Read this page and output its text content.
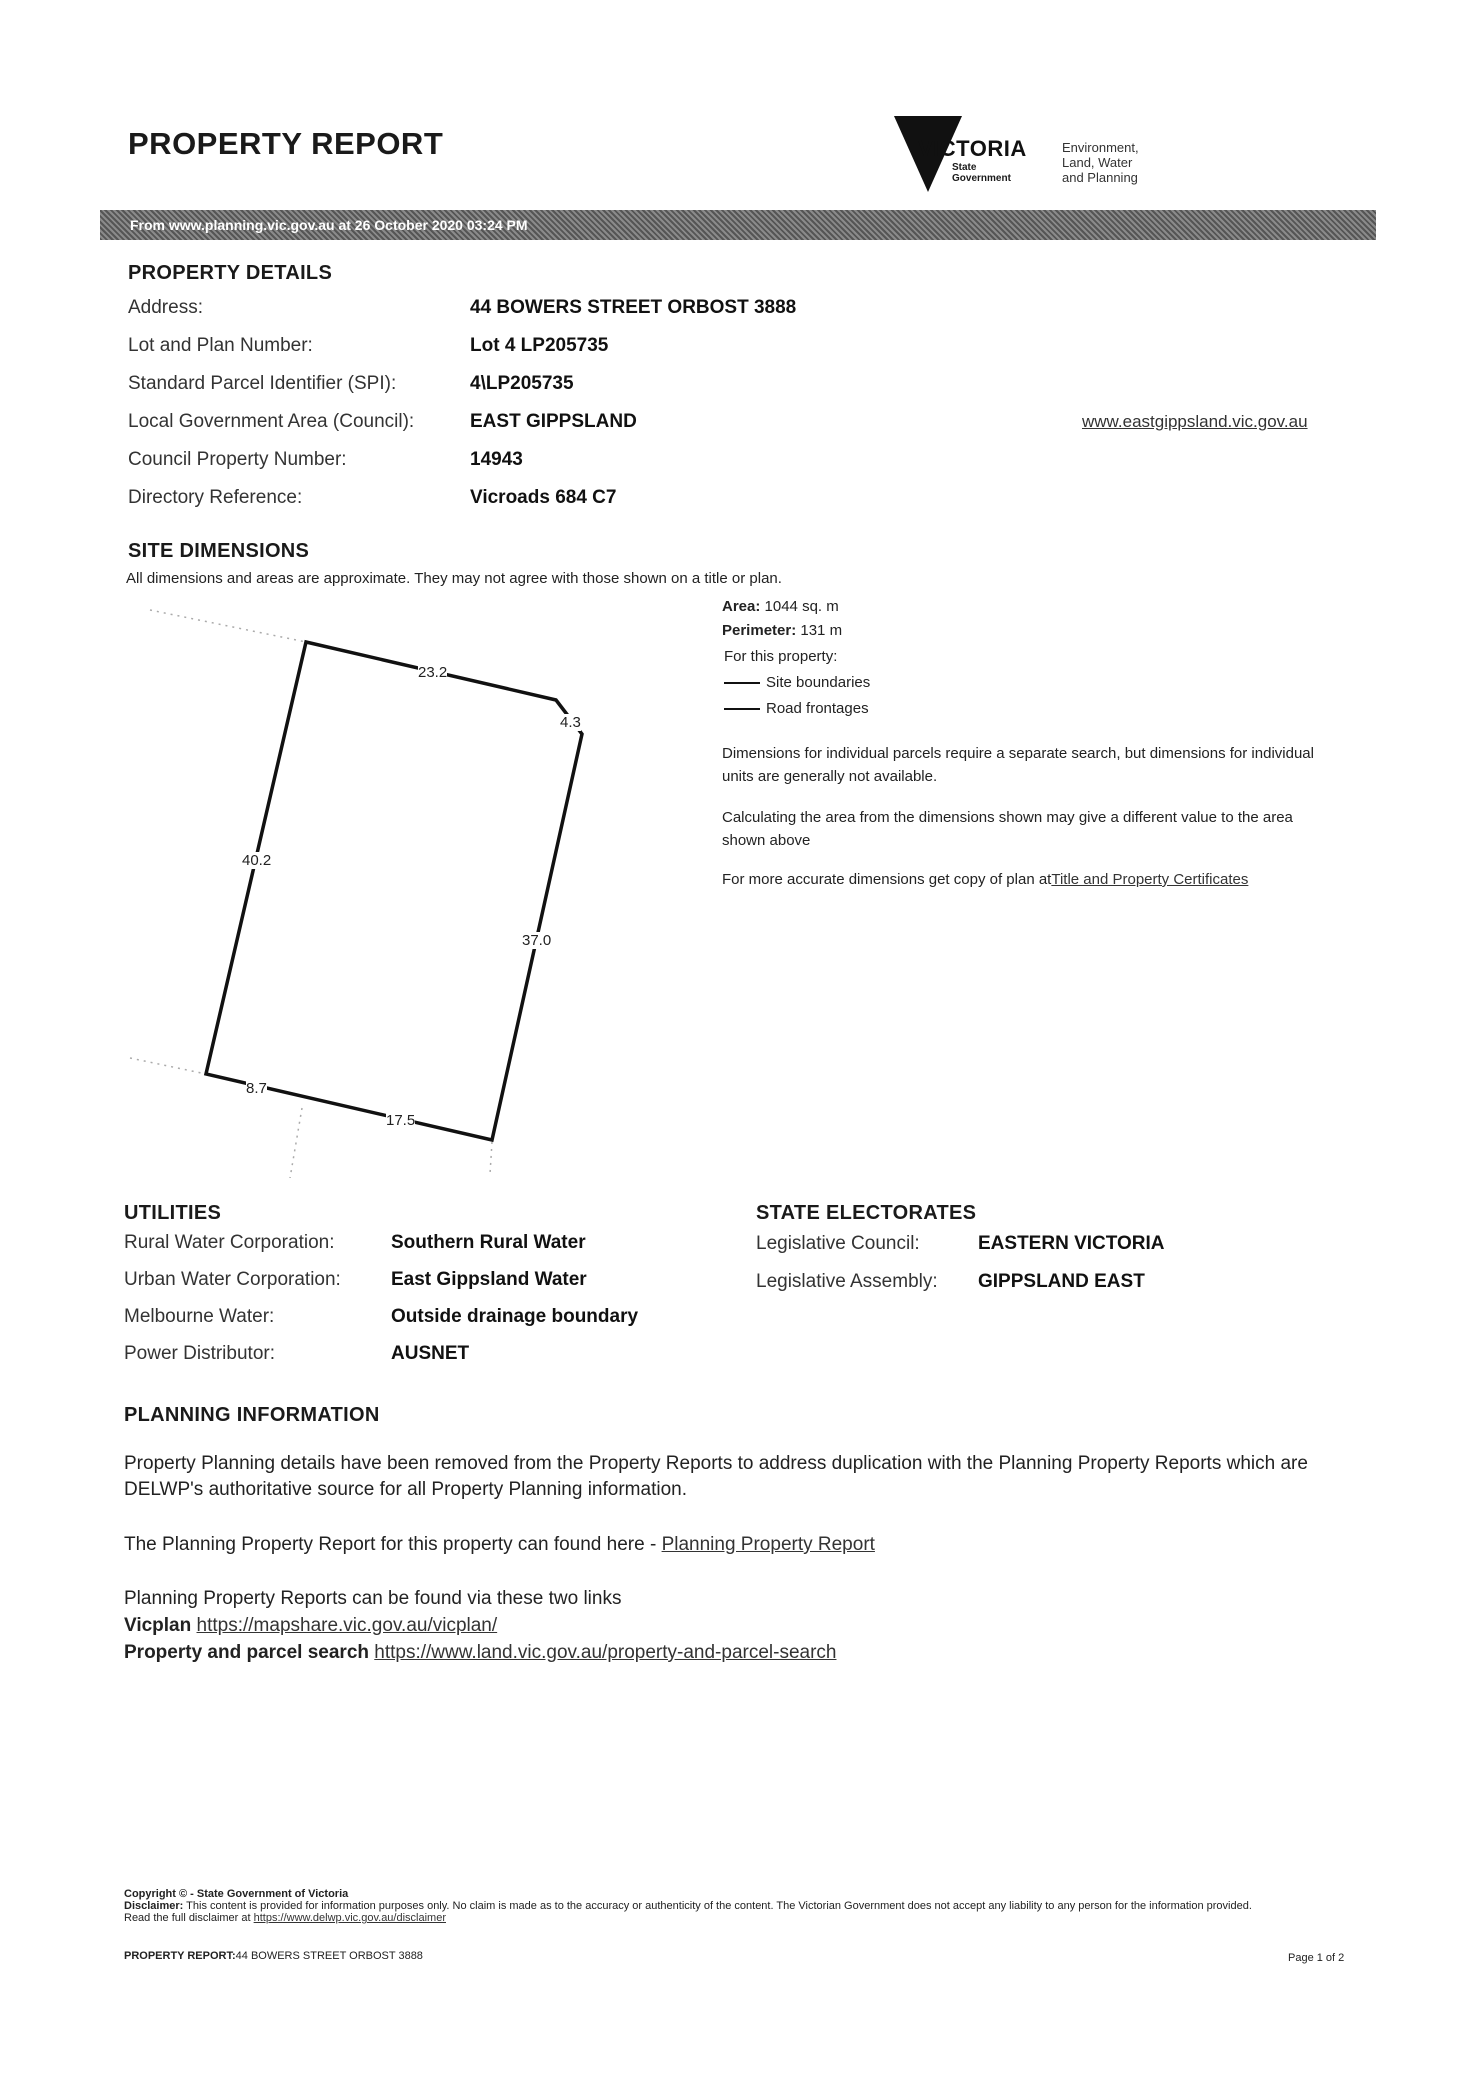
PROPERTY REPORT	VICTORIA
State
Government
Environment,
Land, Water
and Planning
From www.planning.vic.gov.au at 26 October 2020 03:24 PM
PROPERTY DETAILS
Address:	44 BOWERS STREET ORBOST 3888
Lot and Plan Number:	Lot 4 LP205735
Standard Parcel Identifier (SPI):	4\LP205735
Local Government Area (Council):	EAST GIPPSLAND
Council Property Number:	14943
Directory Reference:	Vicroads 684 C7
www.eastgippsland.vic.gov.au
SITE DIMENSIONS
All dimensions and areas are approximate. They may not agree with those shown on a title or plan.
23.2
4.3
40.2
37.0
8.7
17.5
Area: 1044 sq. m
Perimeter: 131 m
For this property:
Site boundaries
Road frontages
Dimensions for individual parcels require a separate search, but dimensions for individual units are generally not available.
Calculating the area from the dimensions shown may give a different value to the area shown above
For more accurate dimensions get copy of plan atTitle and Property Certificates
UTILITIES
Rural Water Corporation:	Southern Rural Water
Urban Water Corporation:	East Gippsland Water
Melbourne Water:	Outside drainage boundary
Power Distributor:	AUSNET
STATE ELECTORATES
Legislative Council:	EASTERN VICTORIA
Legislative Assembly: GIPPSLAND EAST
PLANNING INFORMATION
Property Planning details have been removed from the Property Reports to address duplication with the Planning Property Reports which are DELWP's authoritative source for all Property Planning information.
The Planning Property Report for this property can found here - Planning Property Report
Planning Property Reports can be found via these two links
Vicplan https://mapshare.vic.gov.au/vicplan/
Property and parcel search https://www.land.vic.gov.au/property-and-parcel-search
Copyright © - State Government of Victoria
Disclaimer: This content is provided for information purposes only. No claim is made as to the accuracy or authenticity of the content. The Victorian Government does not accept any liability to any person for the information provided.
Read the full disclaimer at https://www.delwp.vic.gov.au/disclaimer
PROPERTY REPORT:44 BOWERS STREET ORBOST 3888	Page 1 of 2
